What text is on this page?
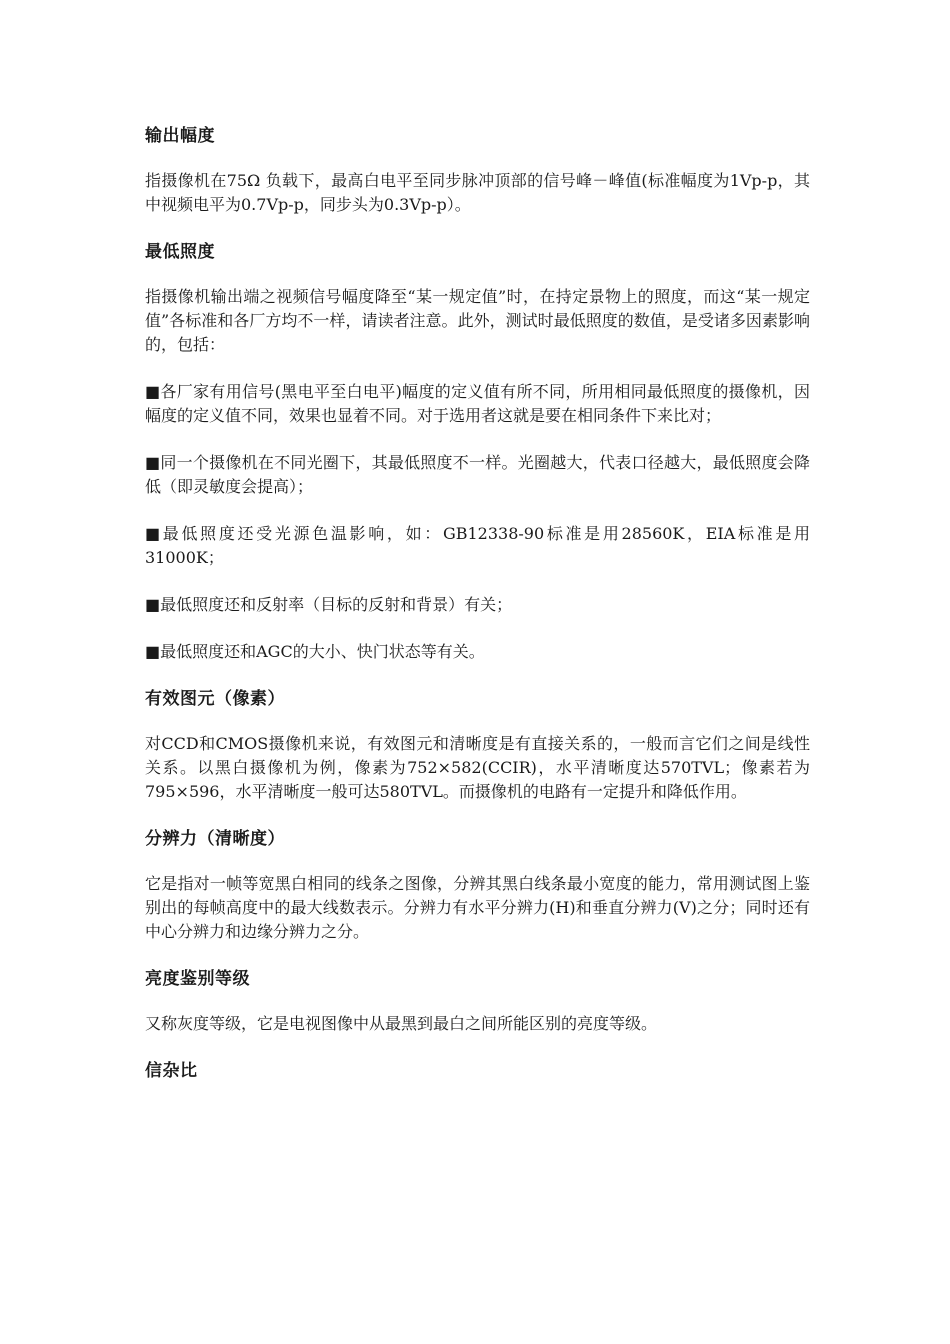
输出幅度

指摄像机在75Ω 负载下，最高白电平至同步脉冲顶部的信号峰－峰值(标准幅度为1Vp-p，其中视频电平为0.7Vp-p，同步头为0.3Vp-p）。

最低照度

指摄像机输出端之视频信号幅度降至“某一规定值”时，在持定景物上的照度，而这“某一规定值”各标准和各厂方均不一样，请读者注意。此外，测试时最低照度的数值，是受诸多因素影响的，包括：

■各厂家有用信号(黑电平至白电平)幅度的定义值有所不同，所用相同最低照度的摄像机，因幅度的定义值不同，效果也显着不同。对于选用者这就是要在相同条件下来比对；

■同一个摄像机在不同光圈下，其最低照度不一样。光圈越大，代表口径越大，最低照度会降低（即灵敏度会提高）；

■最低照度还受光源色温影响，如：GB12338-90标准是用28560K，EIA标准是用31000K；

■最低照度还和反射率（目标的反射和背景）有关；

■最低照度还和AGC的大小、快门状态等有关。

有效图元（像素）

对CCD和CMOS摄像机来说，有效图元和清晰度是有直接关系的，一般而言它们之间是线性关系。以黑白摄像机为例，像素为752×582(CCIR)，水平清晰度达570TVL；像素若为795×596，水平清晰度一般可达580TVL。而摄像机的电路有一定提升和降低作用。

分辨力（清晰度）

它是指对一帧等宽黑白相同的线条之图像，分辨其黑白线条最小宽度的能力，常用测试图上鉴别出的每帧高度中的最大线数表示。分辨力有水平分辨力(H)和垂直分辨力(V)之分；同时还有中心分辨力和边缘分辨力之分。

亮度鉴别等级

又称灰度等级，它是电视图像中从最黑到最白之间所能区别的亮度等级。

信杂比
